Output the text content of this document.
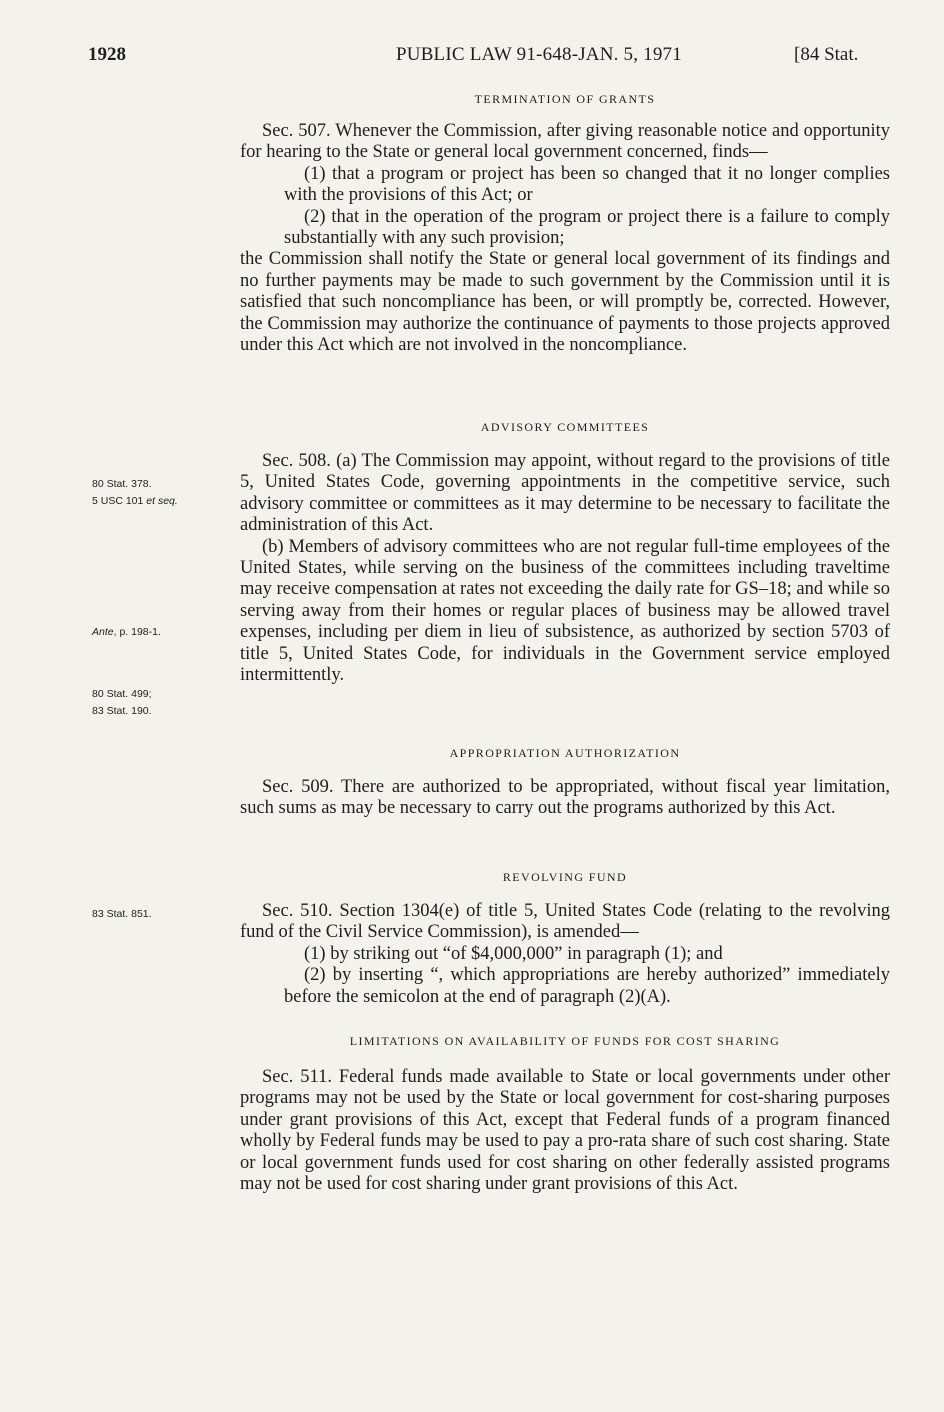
1928	PUBLIC LAW 91-648-JAN. 5, 1971	[84 Stat.

TERMINATION OF GRANTS

Sec. 507. Whenever the Commission, after giving reasonable notice and opportunity for hearing to the State or general local government concerned, finds—

(1) that a program or project has been so changed that it no longer complies with the provisions of this Act; or

(2) that in the operation of the program or project there is a failure to comply substantially with any such provision;

the Commission shall notify the State or general local government of its findings and no further payments may be made to such government by the Commission until it is satisfied that such noncompliance has been, or will promptly be, corrected. However, the Commission may authorize the continuance of payments to those projects approved under this Act which are not involved in the noncompliance.

ADVISORY COMMITTEES

Sec. 508. (a) The Commission may appoint, without regard to the provisions of title 5, United States Code, governing appointments in the competitive service, such advisory committee or committees as it may determine to be necessary to facilitate the administration of this Act.

(b) Members of advisory committees who are not regular full-time employees of the United States, while serving on the business of the committees including traveltime may receive compensation at rates not exceeding the daily rate for GS–18; and while so serving away from their homes or regular places of business may be allowed travel expenses, including per diem in lieu of subsistence, as authorized by section 5703 of title 5, United States Code, for individuals in the Government service employed intermittently.

APPROPRIATION AUTHORIZATION

Sec. 509. There are authorized to be appropriated, without fiscal year limitation, such sums as may be necessary to carry out the programs authorized by this Act.

REVOLVING FUND

Sec. 510. Section 1304(e) of title 5, United States Code (relating to the revolving fund of the Civil Service Commission), is amended—

(1) by striking out “of $4,000,000” in paragraph (1); and

(2) by inserting “, which appropriations are hereby authorized” immediately before the semicolon at the end of paragraph (2)(A).

LIMITATIONS ON AVAILABILITY OF FUNDS FOR COST SHARING

Sec. 511. Federal funds made available to State or local governments under other programs may not be used by the State or local government for cost-sharing purposes under grant provisions of this Act, except that Federal funds of a program financed wholly by Federal funds may be used to pay a pro-rata share of such cost sharing. State or local government funds used for cost sharing on other federally assisted programs may not be used for cost sharing under grant provisions of this Act.

80 Stat. 378.
5 USC 101 et seq.
Ante, p. 198-1.
80 Stat. 499;
83 Stat. 190.
83 Stat. 851.
